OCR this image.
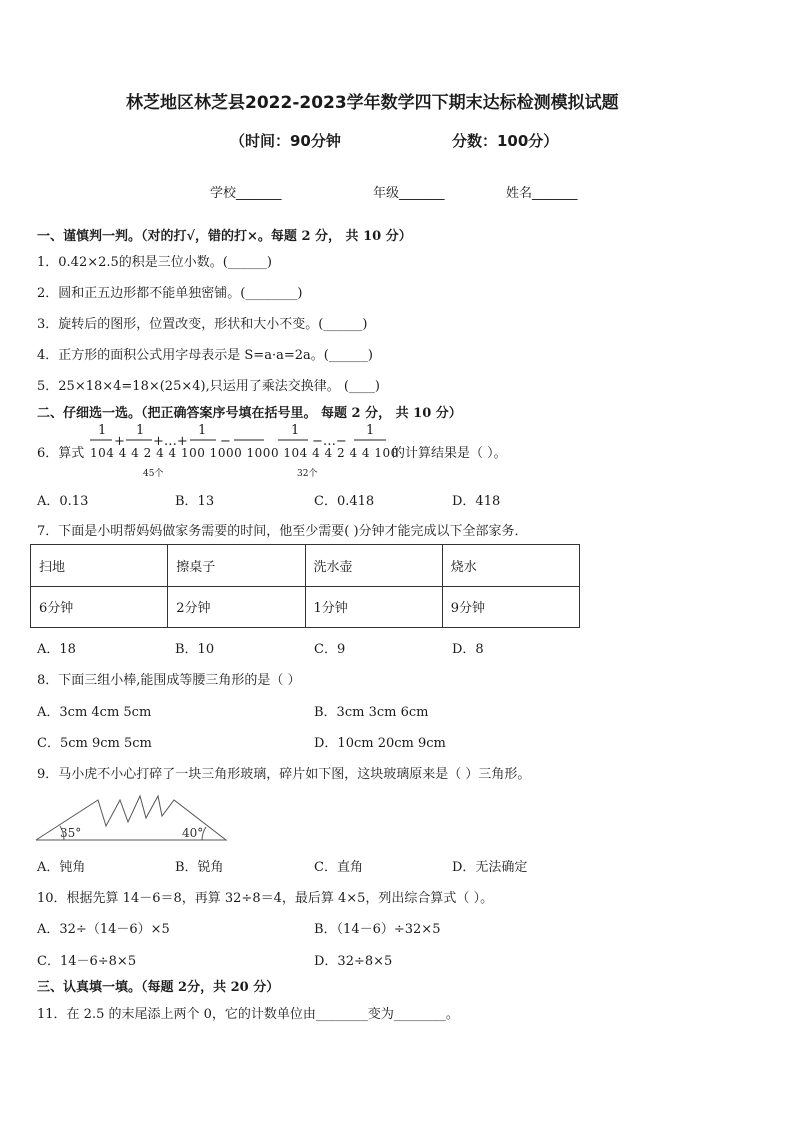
林芝地区林芝县2022-2023学年数学四下期末达标检测模拟试题
（时间：90分钟	分数：100分）
学校_______	年级_______	姓名_______
一、谨慎判一判。（对的打√，错的打×。每题 2 分， 共 10 分）
1．0.42×2.5的积是三位小数。(______)
2．圆和正五边形都不能单独密铺。(________)
3．旋转后的图形，位置改变，形状和大小不变。(______)
4．正方形的面积公式用字母表示是 S=a·a=2a。(______)
5．25×18×4=18×(25×4),只运用了乘法交换律。 (____)
二、仔细选一选。（把正确答案序号填在括号里。 每题 2 分， 共 10 分）
6．算式
1
+
1
+…+
1
−
1
−…−
1
104 4 4 2 4 4 100 1000 1000 104 4 4 2 4 4 100
45个	32个
的计算结果是（ ）。
A．0.13	B．13	C．0.418	D．418
7．下面是小明帮妈妈做家务需要的时间，他至少需要( )分钟才能完成以下全部家务．
扫地	擦桌子	洗水壶	烧水
6分钟	2分钟	1分钟	9分钟
A．18	B．10	C．9	D．8
8．下面三组小棒,能围成等腰三角形的是（ ）
A．3cm 4cm 5cm	B．3cm 3cm 6cm
C．5cm 9cm 5cm	D．10cm 20cm 9cm
9．马小虎不小心打碎了一块三角形玻璃，碎片如下图，这块玻璃原来是（ ）三角形。
35°	40°
A．钝角	B．锐角	C．直角	D．无法确定
10．根据先算 14－6＝8，再算 32÷8＝4，最后算 4×5，列出综合算式（ ）。
A．32÷（14－6）×5	B．（14－6）÷32×5
C．14－6÷8×5	D．32÷8×5
三、认真填一填。（每题 2分，共 20 分）
11．在 2.5 的末尾添上两个 0，它的计数单位由________变为________。
